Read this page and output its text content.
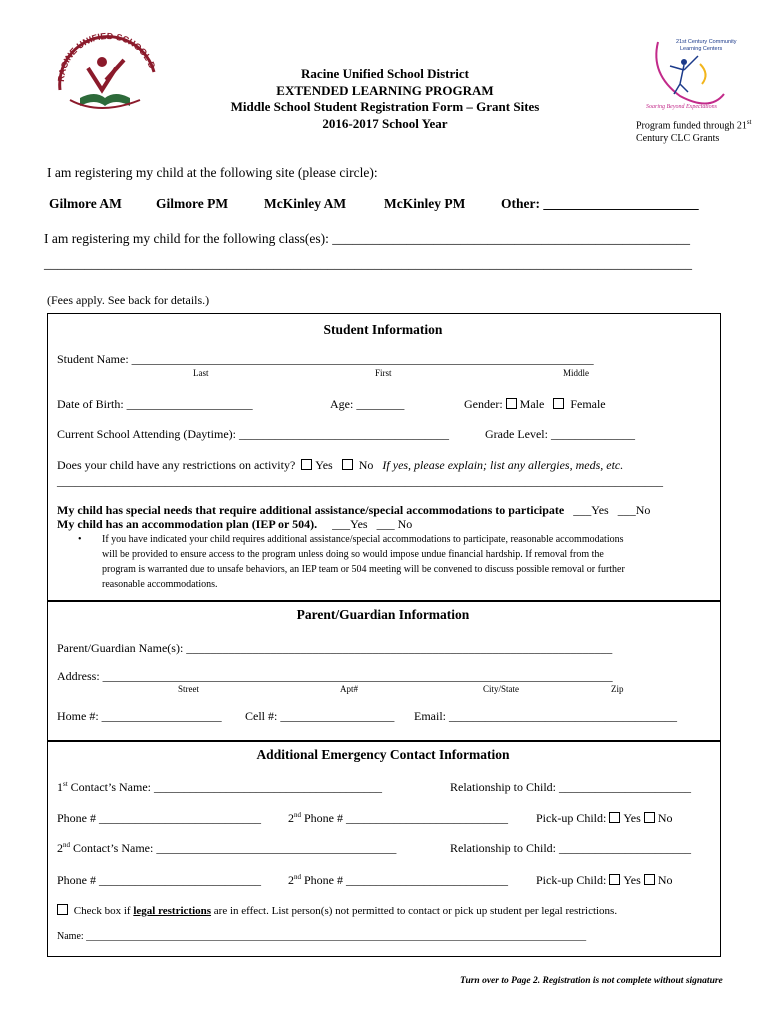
RACINE UNIFIED SCHOOL D
Racine Unified School District
EXTENDED LEARNING PROGRAM
Middle School Student Registration Form – Grant Sites
2016-2017 School Year
21st Century Community
Learning Centers
Soaring Beyond Expectations
Program funded through 21st
Century CLC Grants
I am registering my child at the following site (please circle):
Gilmore AM	Gilmore PM	McKinley AM	McKinley PM	Other: _______________________
I am registering my child for the following class(es): _____________________________________________________
________________________________________________________________________________________________
(Fees apply. See back for details.)
Student Information
Student Name: _____________________________________________________________________________
Last	First	Middle
Date of Birth: _____________________	Age: ________	Gender: Male Female
Current School Attending (Daytime): ___________________________________	Grade Level: ______________
Does your child have any restrictions on activity? Yes No If yes, please explain; list any allergies, meds, etc.
_____________________________________________________________________________________________________
My child has special needs that require additional assistance/special accommodations to participate ___Yes ___No
My child has an accommodation plan (IEP or 504). ___Yes ___ No
• If you have indicated your child requires additional assistance/special accommodations to participate, reasonable accommodations
will be provided to ensure access to the program unless doing so would impose undue financial hardship. If removal from the
program is warranted due to unsafe behaviors, an IEP team or 504 meeting will be convened to discuss possible removal or further
reasonable accommodations.
Parent/Guardian Information
Parent/Guardian Name(s): _______________________________________________________________________
Address: _____________________________________________________________________________________
Street	Apt#	City/State	Zip
Home #: ____________________ Cell #: ___________________ Email: ______________________________________
Additional Emergency Contact Information
1st Contact’s Name: ______________________________________	Relationship to Child: ______________________
Phone # ___________________________ 2nd Phone # ___________________________ Pick-up Child: Yes No
2nd Contact’s Name: ________________________________________	Relationship to Child: ______________________
Phone # ___________________________ 2nd Phone # ___________________________ Pick-up Child: Yes No
Check box if legal restrictions are in effect. List person(s) not permitted to contact or pick up student per legal restrictions.
Name: ____________________________________________________________________________________________________
Turn over to Page 2. Registration is not complete without signature
